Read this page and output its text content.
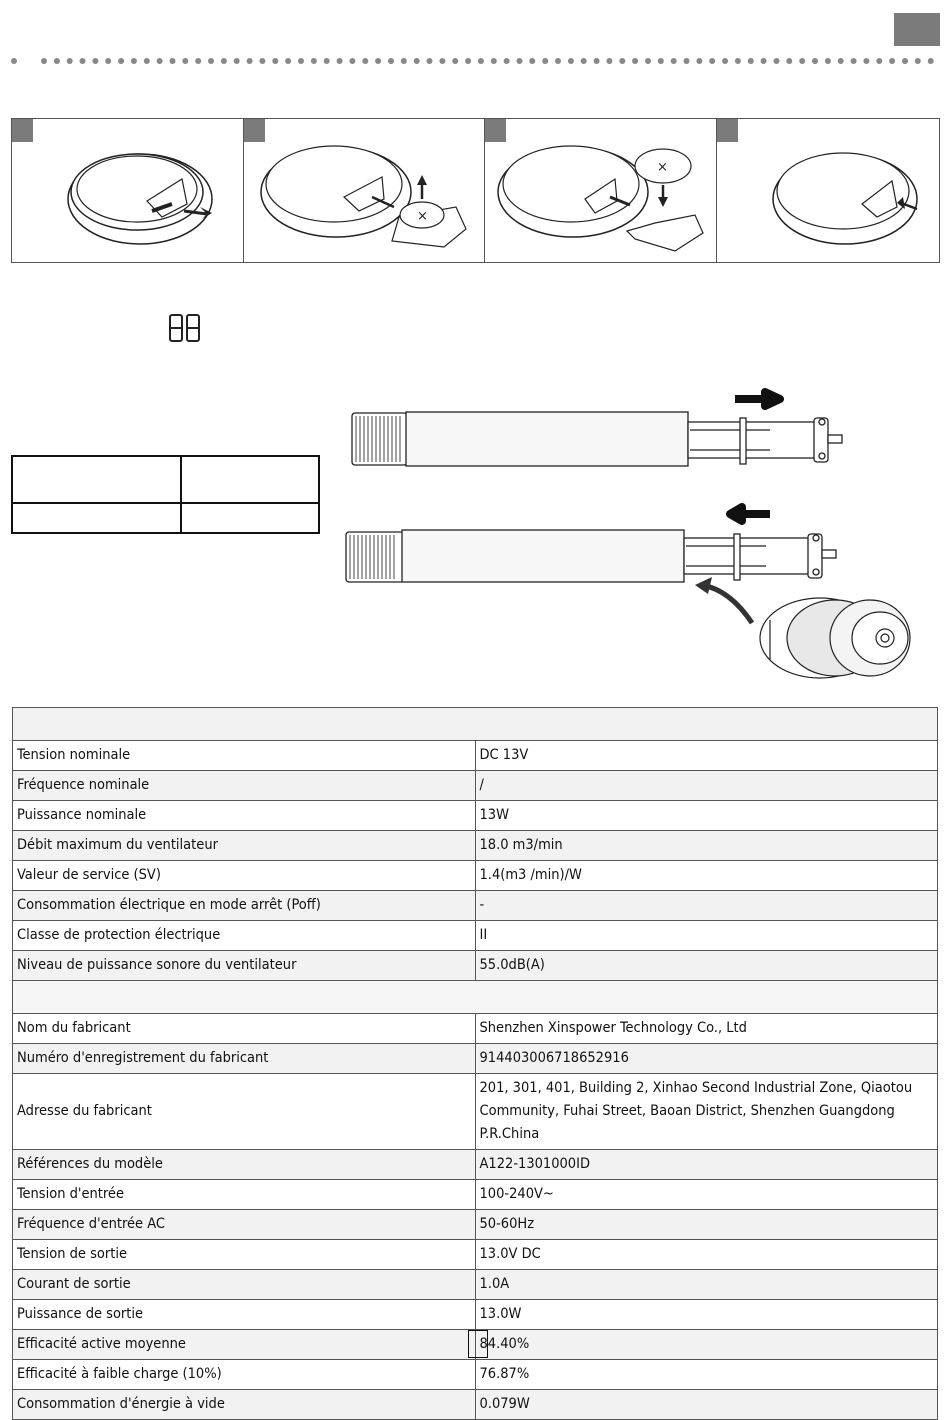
×
×

Tension nominale	DC 13V
Fréquence nominale	/
Puissance nominale	13W
Débit maximum du ventilateur	18.0 m3/min
Valeur de service (SV)	1.4(m3 /min)/W
Consommation électrique en mode arrêt (Poff)	-
Classe de protection électrique	II
Niveau de puissance sonore du ventilateur	55.0dB(A)

Nom du fabricant	Shenzhen Xinspower Technology Co., Ltd
Numéro d'enregistrement du fabricant	914403006718652916
Adresse du fabricant	201, 301, 401, Building 2, Xinhao Second Industrial Zone, Qiaotou Community, Fuhai Street, Baoan District, Shenzhen Guangdong P.R.China
Références du modèle	A122-1301000ID
Tension d'entrée	100-240V~
Fréquence d'entrée AC	50-60Hz
Tension de sortie	13.0V DC
Courant de sortie	1.0A
Puissance de sortie	13.0W
Efficacité active moyenne	84.40%
Efficacité à faible charge (10%)	76.87%
Consommation d'énergie à vide	0.079W
